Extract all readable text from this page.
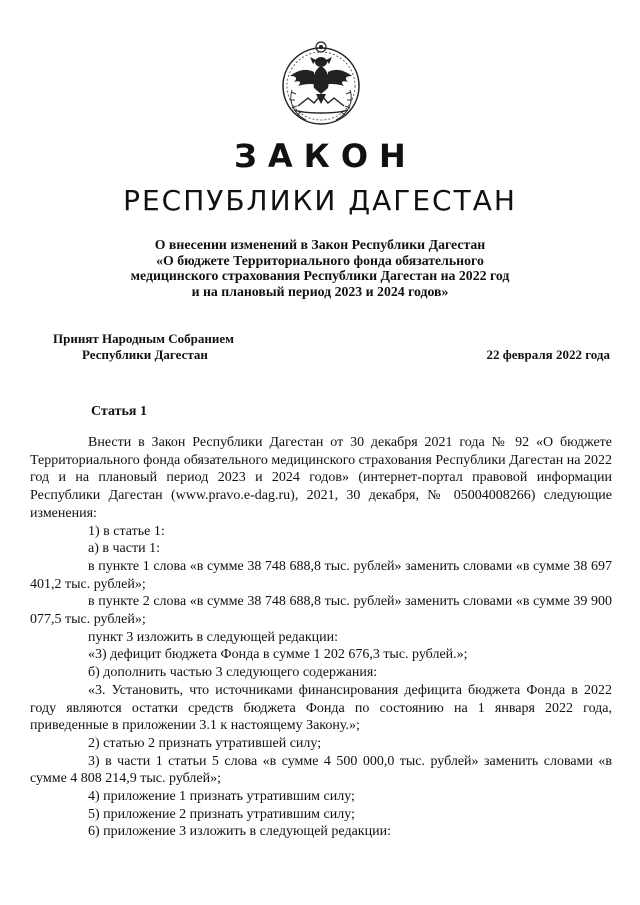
ЗАКОН
РЕСПУБЛИКИ ДАГЕСТАН
О внесении изменений в Закон Республики Дагестан
«О бюджете Территориального фонда обязательного
медицинского страхования Республики Дагестан на 2022 год
и на плановый период 2023 и 2024 годов»
Принят Народным Собранием
Республики Дагестан	22 февраля 2022 года
Статья 1

Внести в Закон Республики Дагестан от 30 декабря 2021 года № 92 «О бюджете Территориального фонда обязательного медицинского страхования Республики Дагестан на 2022 год и на плановый период 2023 и 2024 годов» (интернет-портал правовой информации Республики Дагестан (www.pravo.e-dag.ru), 2021, 30 декабря, № 05004008266) следующие изменения:

1) в статье 1:

а) в части 1:

в пункте 1 слова «в сумме 38 748 688,8 тыс. рублей» заменить словами «в сумме 38 697 401,2 тыс. рублей»;

в пункте 2 слова «в сумме 38 748 688,8 тыс. рублей» заменить словами «в сумме 39 900 077,5 тыс. рублей»;

пункт 3 изложить в следующей редакции:

«3) дефицит бюджета Фонда в сумме 1 202 676,3 тыс. рублей.»;

б) дополнить частью 3 следующего содержания:

«3. Установить, что источниками финансирования дефицита бюджета Фонда в 2022 году являются остатки средств бюджета Фонда по состоянию на 1 января 2022 года, приведенные в приложении 3.1 к настоящему Закону.»;

2) статью 2 признать утратившей силу;

3) в части 1 статьи 5 слова «в сумме 4 500 000,0 тыс. рублей» заменить словами «в сумме 4 808 214,9 тыс. рублей»;

4) приложение 1 признать утратившим силу;

5) приложение 2 признать утратившим силу;

6) приложение 3 изложить в следующей редакции:
